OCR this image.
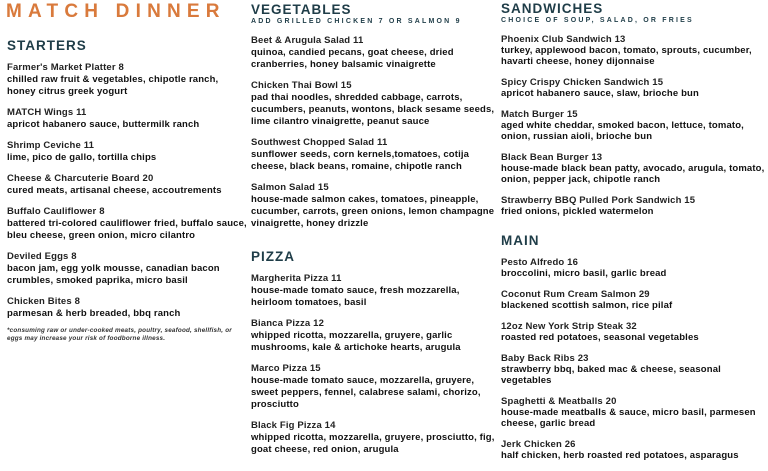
MATCH DINNER
STARTERS
Farmer's Market Platter 8
chilled raw fruit & vegetables, chipotle ranch, honey citrus greek yogurt
MATCH Wings 11
apricot habanero sauce, buttermilk ranch
Shrimp Ceviche 11
lime, pico de gallo, tortilla chips
Cheese & Charcuterie Board 20
cured meats, artisanal cheese, accoutrements
Buffalo Cauliflower 8
battered tri-colored cauliflower fried, buffalo sauce, bleu cheese, green onion, micro cilantro
Deviled Eggs 8
bacon jam, egg yolk mousse, canadian bacon crumbles, smoked paprika, micro basil
Chicken Bites 8
parmesan & herb breaded, bbq ranch
*consuming raw or under-cooked meats, poultry, seafood, shellfish, or eggs may increase your risk of foodborne illness.
VEGETABLES
ADD GRILLED CHICKEN 7 OR SALMON 9
Beet & Arugula Salad 11
quinoa, candied pecans, goat cheese, dried cranberries, honey balsamic vinaigrette
Chicken Thai Bowl 15
pad thai noodles, shredded cabbage, carrots, cucumbers, peanuts, wontons, black sesame seeds, lime cilantro vinaigrette, peanut sauce
Southwest Chopped Salad 11
sunflower seeds, corn kernels,tomatoes, cotija cheese, black beans, romaine, chipotle ranch
Salmon Salad 15
house-made salmon cakes, tomatoes, pineapple, cucumber, carrots, green onions, lemon champagne vinaigrette, honey drizzle
PIZZA
Margherita Pizza 11
house-made tomato sauce, fresh mozzarella, heirloom tomatoes, basil
Bianca Pizza 12
whipped ricotta, mozzarella, gruyere, garlic mushrooms, kale & artichoke hearts, arugula
Marco Pizza 15
house-made tomato sauce, mozzarella, gruyere, sweet peppers, fennel, calabrese salami, chorizo, prosciutto
Black Fig Pizza 14
whipped ricotta, mozzarella, gruyere, prosciutto, fig, goat cheese, red onion, arugula
SANDWICHES
CHOICE OF SOUP, SALAD, OR FRIES
Phoenix Club Sandwich 13
turkey, applewood bacon, tomato, sprouts, cucumber, havarti cheese, honey dijonnaise
Spicy Crispy Chicken Sandwich 15
apricot habanero sauce, slaw, brioche bun
Match Burger 15
aged white cheddar, smoked bacon, lettuce, tomato, onion, russian aioli, brioche bun
Black Bean Burger 13
house-made black bean patty, avocado, arugula, tomato, onion, pepper jack, chipotle ranch
Strawberry BBQ Pulled Pork Sandwich 15
fried onions, pickled watermelon
MAIN
Pesto Alfredo 16
broccolini, micro basil, garlic bread
Coconut Rum Cream Salmon 29
blackened scottish salmon, rice pilaf
12oz New York Strip Steak 32
roasted red potatoes, seasonal vegetables
Baby Back Ribs 23
strawberry bbq, baked mac & cheese, seasonal vegetables
Spaghetti & Meatballs 20
house-made meatballs & sauce, micro basil, parmesen cheese, garlic bread
Jerk Chicken 26
half chicken, herb roasted red potatoes, asparagus
